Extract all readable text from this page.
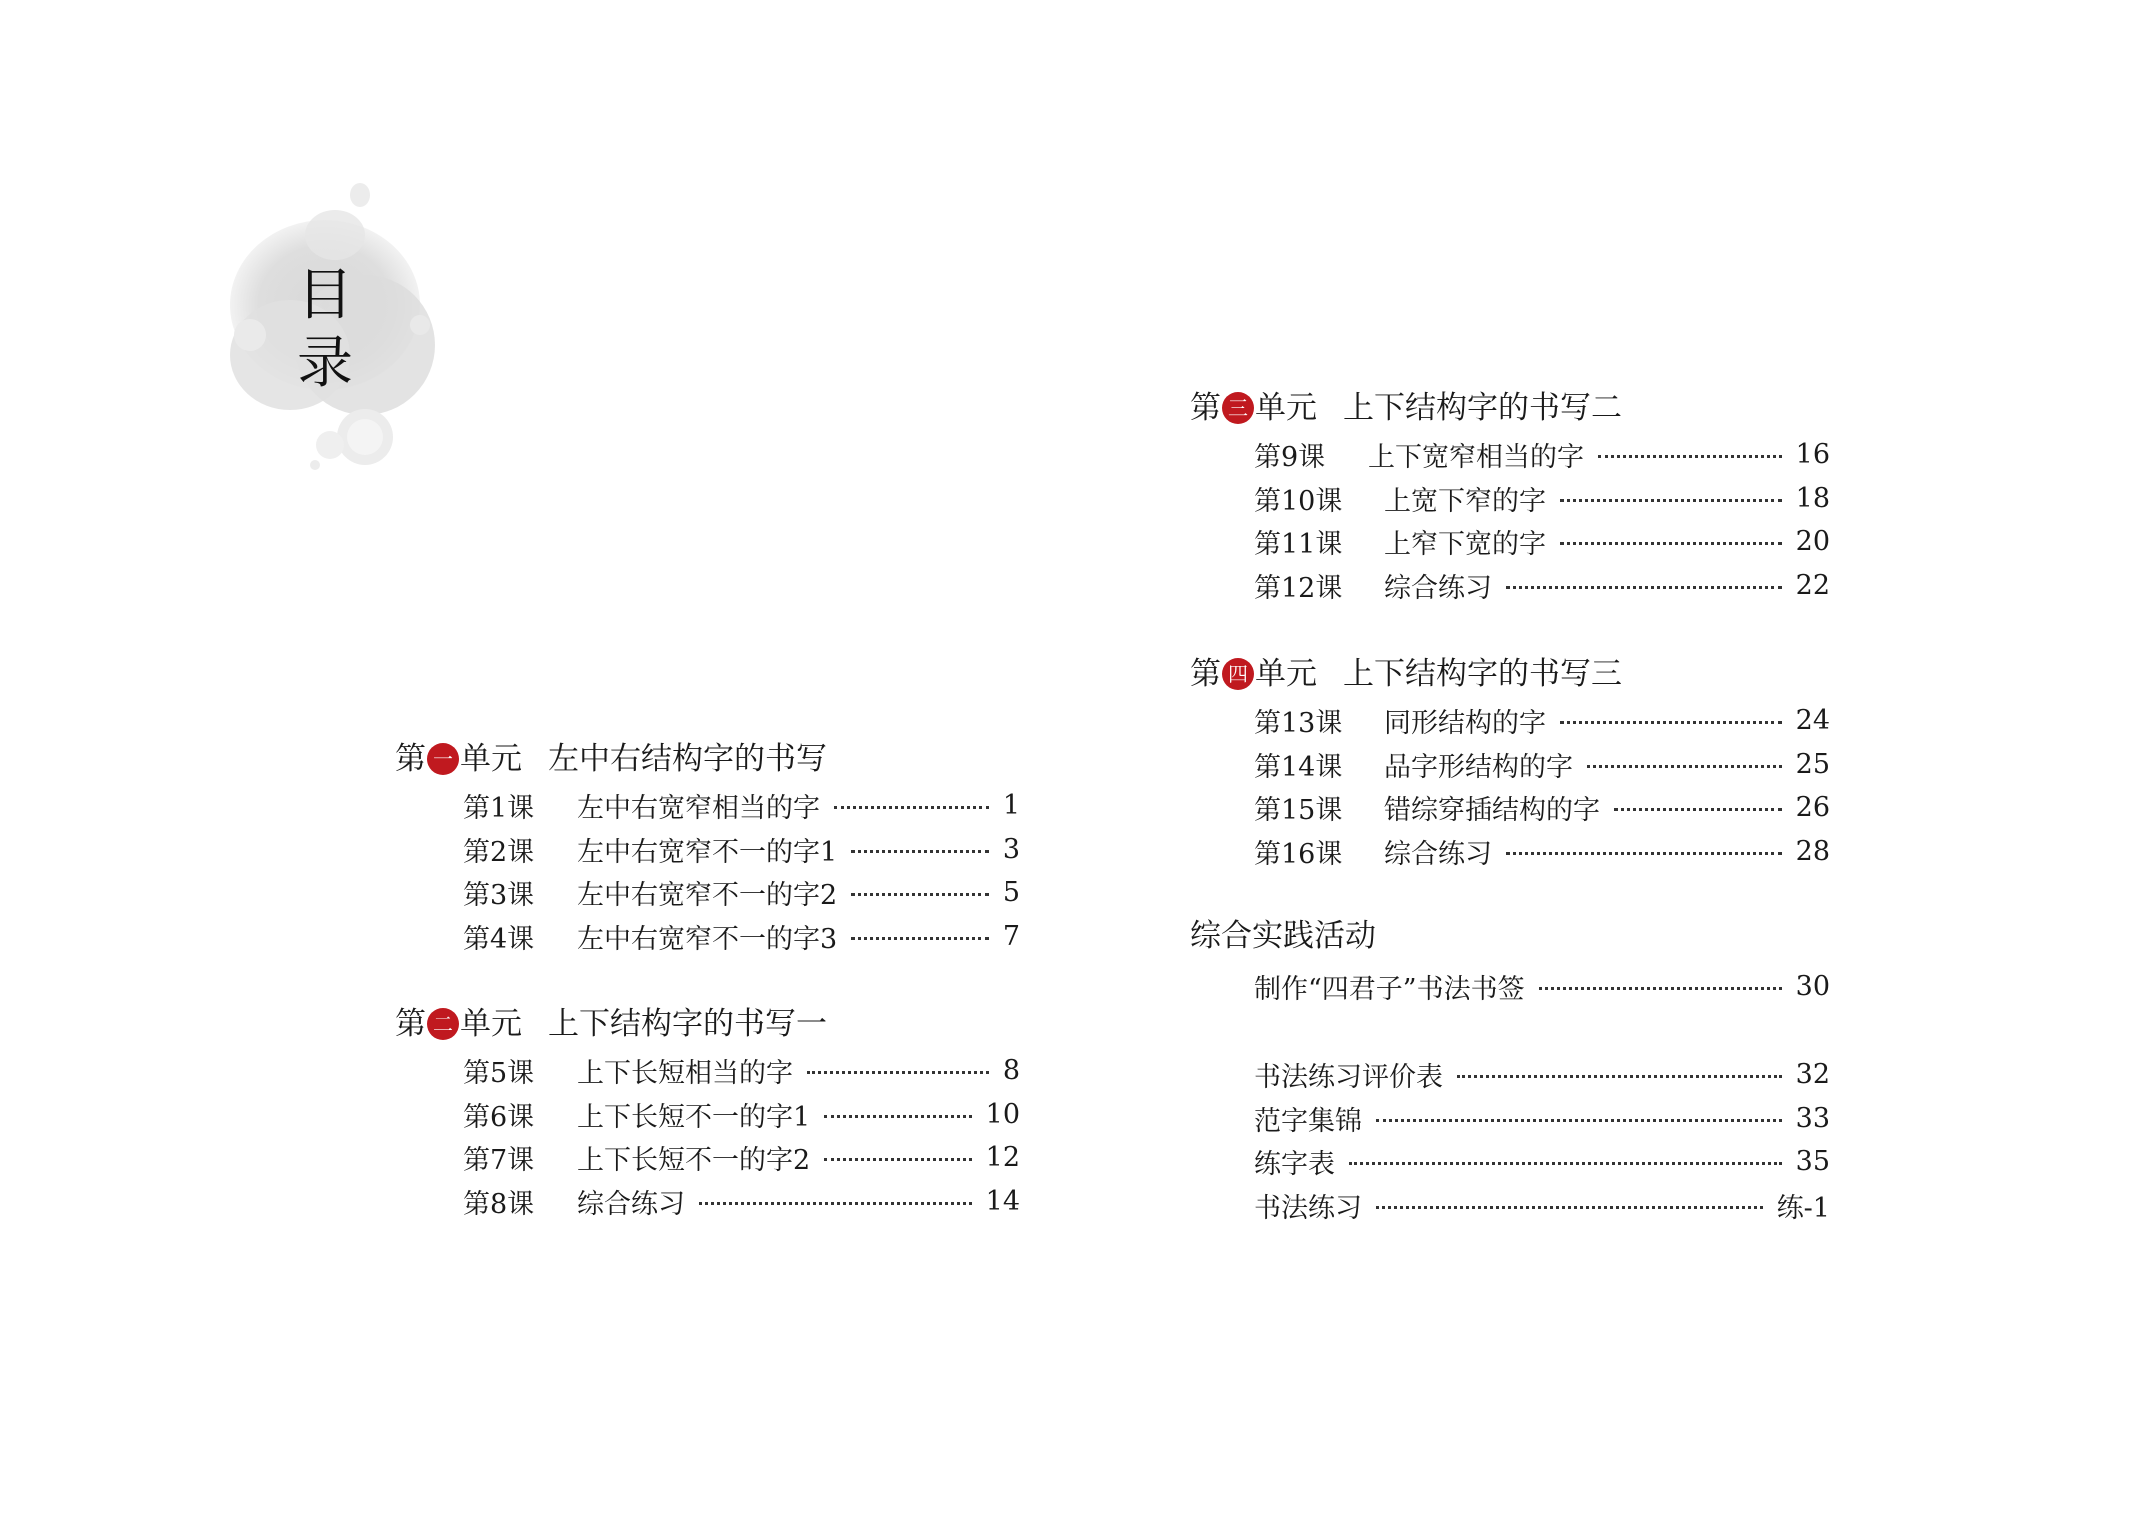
目
录
第 一 单元 左中右结构字的书写
第1课	左中右宽窄相当的字	1
第2课	左中右宽窄不一的字1	3
第3课	左中右宽窄不一的字2	5
第4课	左中右宽窄不一的字3	7
第 二 单元 上下结构字的书写一
第5课	上下长短相当的字	8
第6课	上下长短不一的字1	10
第7课	上下长短不一的字2	12
第8课	综合练习	14
第 三 单元 上下结构字的书写二
第9课	上下宽窄相当的字	16
第10课	上宽下窄的字	18
第11课	上窄下宽的字	20
第12课	综合练习	22
第 四 单元 上下结构字的书写三
第13课	同形结构的字	24
第14课	品字形结构的字	25
第15课	错综穿插结构的字	26
第16课	综合练习	28
综合实践活动
制作“四君子”书法书签	30
书法练习评价表	32
范字集锦	33
练字表	35
书法练习	练-1
